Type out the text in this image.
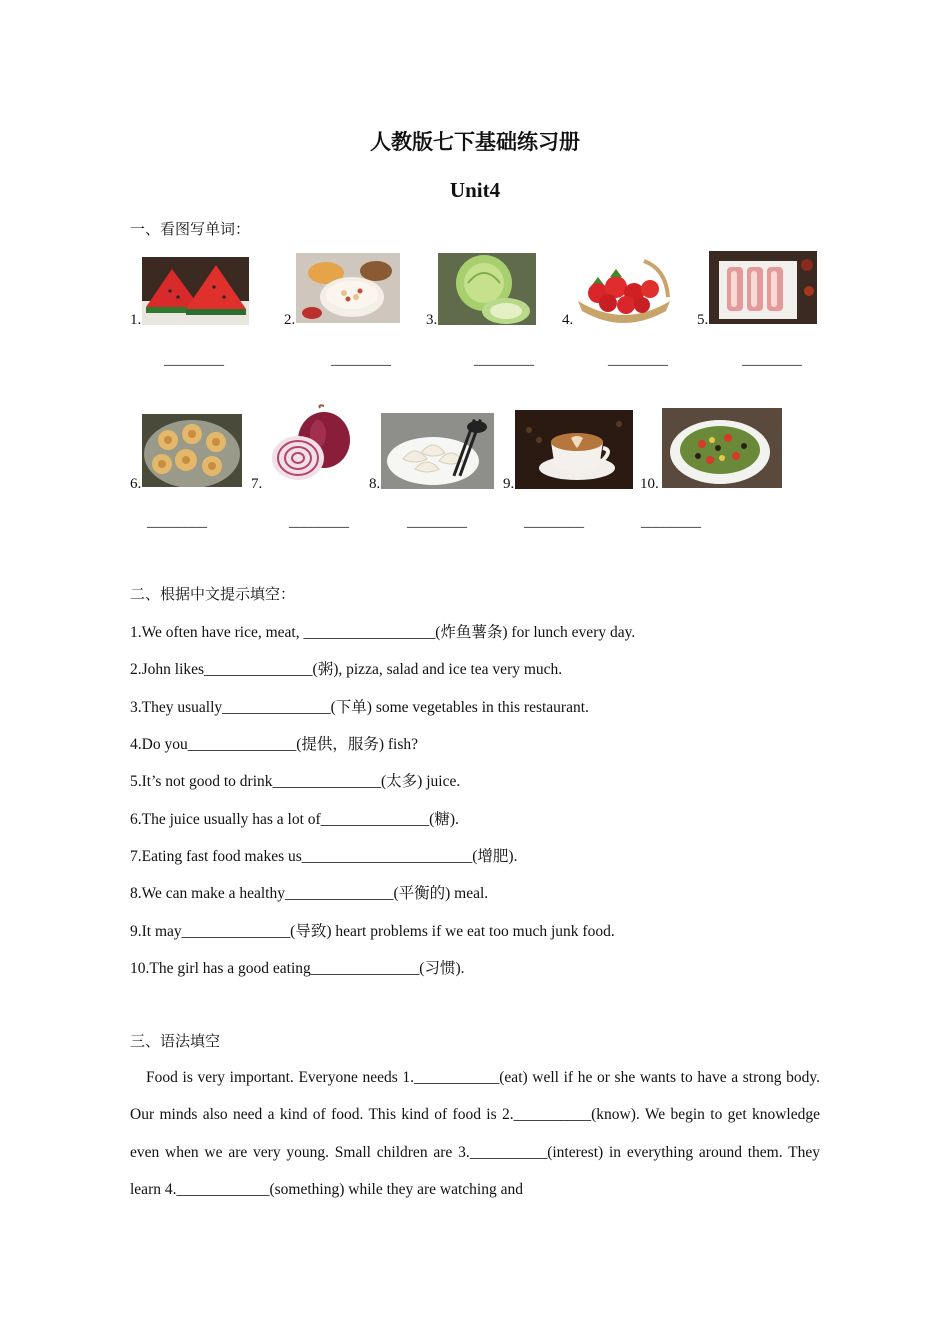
人教版七下基础练习册
Unit4
一、看图写单词：
1.	2.	3.	4.	5.
________	________	________	________	________
6.	7.	8.	9.	10.
________	________	________	________	________
二、根据中文提示填空：
1.We often have rice, meat, _________________(炸鱼薯条) for lunch every day.
2.John likes______________(粥), pizza, salad and ice tea very much.
3.They usually______________(下单) some vegetables in this restaurant.
4.Do you______________(提供，服务) fish?
5.It’s not good to drink______________(太多) juice.
6.The juice usually has a lot of______________(糖).
7.Eating fast food makes us______________________(增肥).
8.We can make a healthy______________(平衡的) meal.
9.It may______________(导致) heart problems if we eat too much junk food.
10.The girl has a good eating______________(习惯).
三、语法填空
Food is very important. Everyone needs 1.___________(eat) well if he or she wants to have a strong body. Our minds also need a kind of food. This kind of food is 2.__________(know). We begin to get knowledge even when we are very young. Small children are 3.__________(interest) in everything around them. They learn 4.____________(something) while they are watching and
